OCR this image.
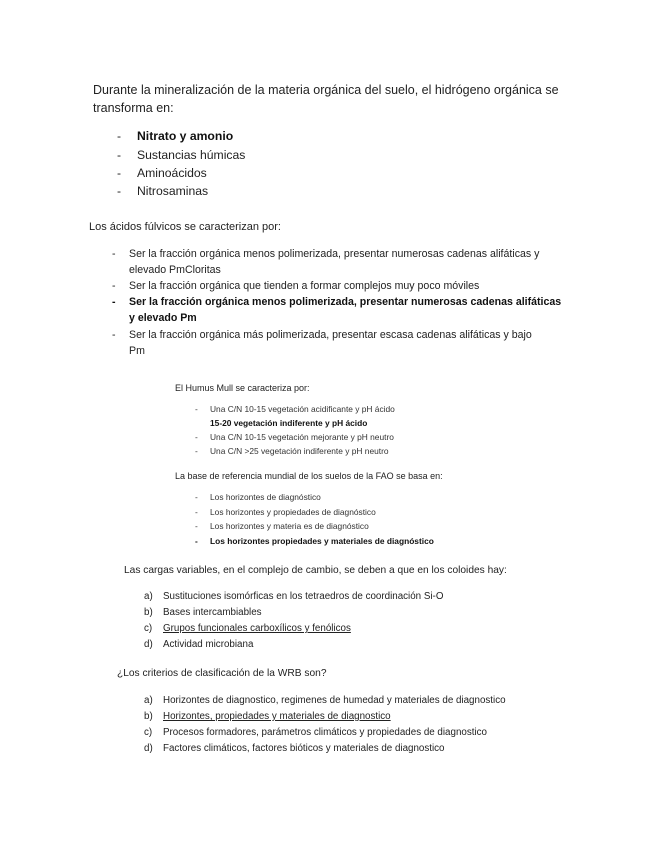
Durante la mineralización de la materia orgánica del suelo, el hidrógeno orgánica se
transforma en:
- Nitrato y amonio
- Sustancias húmicas
- Aminoácidos
- Nitrosaminas
Los ácidos fúlvicos se caracterizan por:
- Ser la fracción orgánica menos polimerizada, presentar numerosas cadenas alifáticas y
elevado PmCloritas
- Ser la fracción orgánica que tienden a formar complejos muy poco móviles
- Ser la fracción orgánica menos polimerizada, presentar numerosas cadenas alifáticas
y elevado Pm
- Ser la fracción orgánica más polimerizada, presentar escasa cadenas alifáticas y bajo
Pm
El Humus Mull se caracteriza por:
- Una C/N 10-15 vegetación acidificante y pH ácido
15-20 vegetación indiferente y pH ácido
- Una C/N 10-15 vegetación mejorante y pH neutro
- Una C/N >25 vegetación indiferente y pH neutro
La base de referencia mundial de los suelos de la FAO se basa en:
- Los horizontes de diagnóstico
- Los horizontes y propiedades de diagnóstico
- Los horizontes y materia es de diagnóstico
- Los horizontes propiedades y materiales de diagnóstico
Las cargas variables, en el complejo de cambio, se deben a que en los coloides hay:
a) Sustituciones isomórficas en los tetraedros de coordinación Si-O
b) Bases intercambiables
c) Grupos funcionales carboxílicos y fenólicos
d) Actividad microbiana
¿Los criterios de clasificación de la WRB son?
a) Horizontes de diagnostico, regimenes de humedad y materiales de diagnostico
b) Horizontes, propiedades y materiales de diagnostico
c) Procesos formadores, parámetros climáticos y propiedades de diagnostico
d) Factores climáticos, factores bióticos y materiales de diagnostico
